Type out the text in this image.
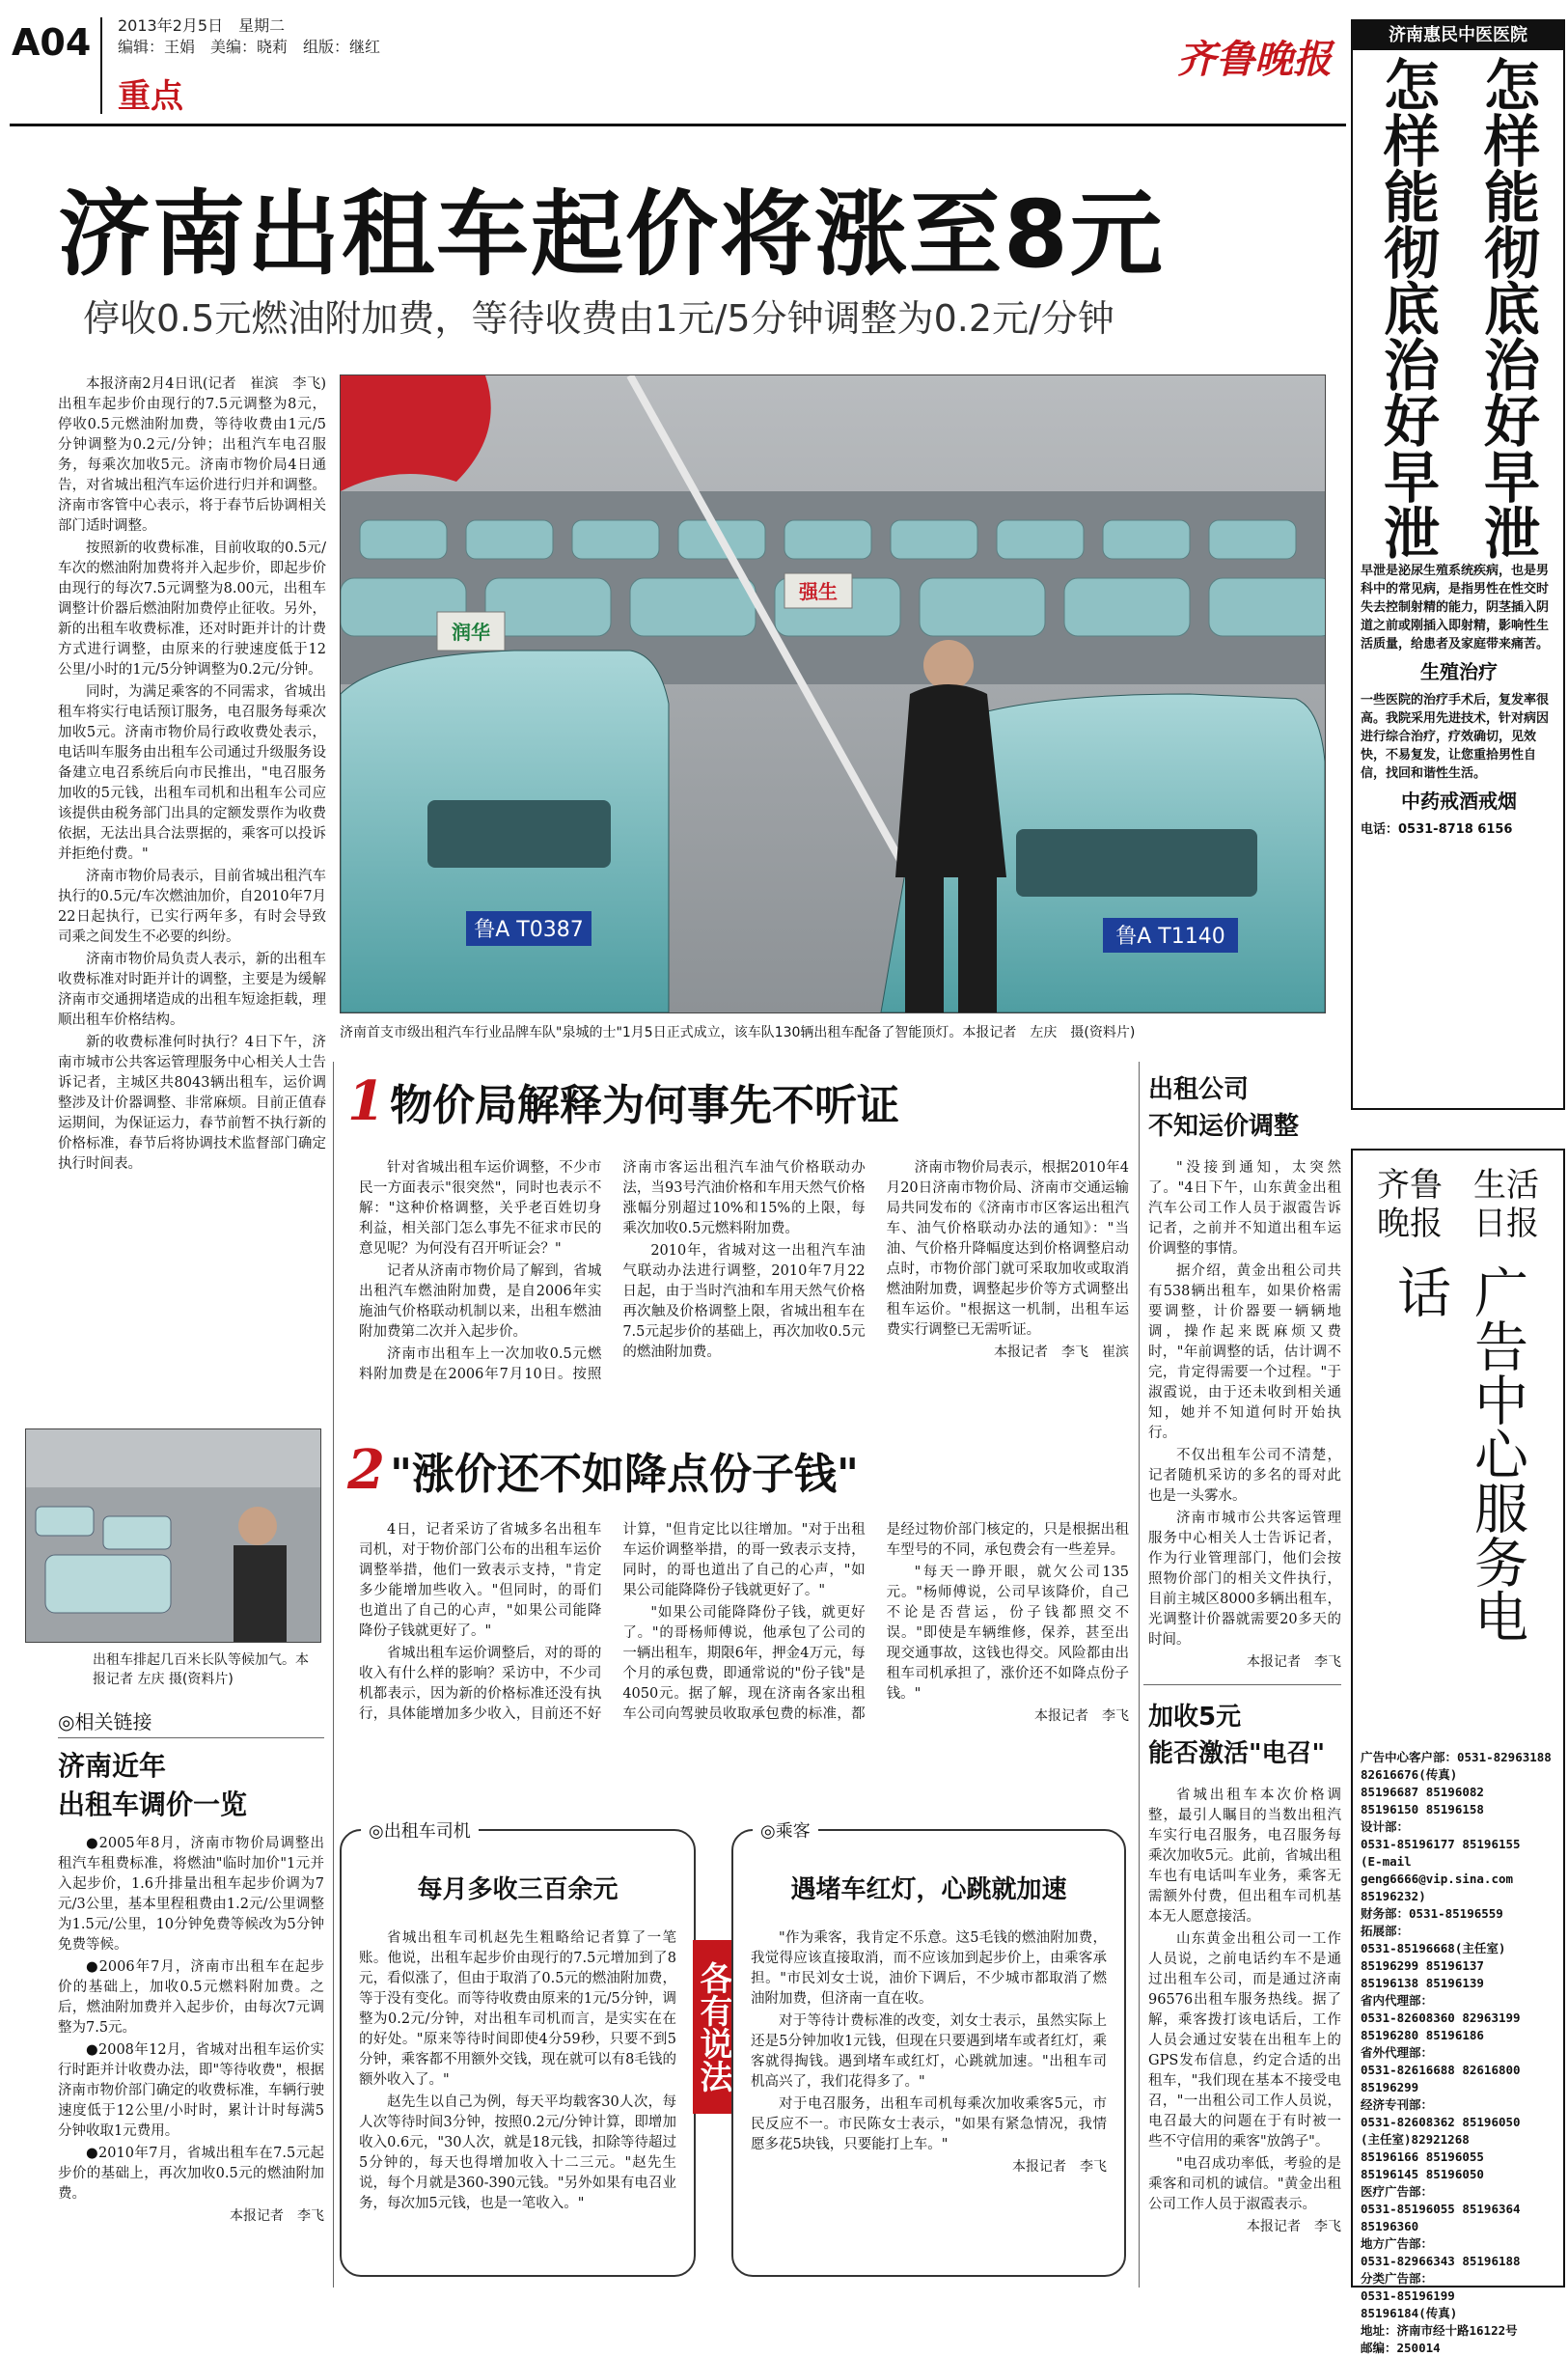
A04	2013年2月5日　星期二
编辑：王娟　美编：晓莉　组版：继红
重点
齐鲁晚报
济南出租车起价将涨至8元
停收0.5元燃油附加费，等待收费由1元/5分钟调整为0.2元/分钟

本报济南2月4日讯(记者　崔滨　李飞)　出租车起步价由现行的7.5元调整为8元，停收0.5元燃油附加费，等待收费由1元/5分钟调整为0.2元/分钟；出租汽车电召服务，每乘次加收5元。济南市物价局4日通告，对省城出租汽车运价进行归并和调整。济南市客管中心表示，将于春节后协调相关部门适时调整。

按照新的收费标准，目前收取的0.5元/车次的燃油附加费将并入起步价，即起步价由现行的每次7.5元调整为8.00元，出租车调整计价器后燃油附加费停止征收。另外，新的出租车收费标准，还对时距并计的计费方式进行调整，由原来的行驶速度低于12公里/小时的1元/5分钟调整为0.2元/分钟。

同时，为满足乘客的不同需求，省城出租车将实行电话预订服务，电召服务每乘次加收5元。济南市物价局行政收费处表示，电话叫车服务由出租车公司通过升级服务设备建立电召系统后向市民推出，"电召服务加收的5元钱，出租车司机和出租车公司应该提供由税务部门出具的定额发票作为收费依据，无法出具合法票据的，乘客可以投诉并拒绝付费。"

济南市物价局表示，目前省城出租汽车执行的0.5元/车次燃油加价，自2010年7月22日起执行，已实行两年多，有时会导致司乘之间发生不必要的纠纷。

济南市物价局负责人表示，新的出租车收费标准对时距并计的调整，主要是为缓解济南市交通拥堵造成的出租车短途拒载，理顺出租车价格结构。

新的收费标准何时执行？4日下午，济南市城市公共客运管理服务中心相关人士告诉记者，主城区共8043辆出租车，运价调整涉及计价器调整、非常麻烦。目前正值春运期间，为保证运力，春节前暂不执行新的价格标准，春节后将协调技术监督部门确定执行时间表。

润华
强生
鲁A T0387	鲁A T1140
济南首支市级出租汽车行业品牌车队"泉城的士"1月5日正式成立，该车队130辆出租车配备了智能顶灯。本报记者　左庆　摄(资料片)
出租车排起几百米长队等候加气。本报记者 左庆 摄(资料片)
◎相关链接
济南近年
出租车调价一览

●2005年8月，济南市物价局调整出租汽车租费标准，将燃油"临时加价"1元并入起步价，1.6升排量出租车起步价调为7元/3公里，基本里程租费由1.2元/公里调整为1.5元/公里，10分钟免费等候改为5分钟免费等候。

●2006年7月，济南市出租车在起步价的基础上，加收0.5元燃料附加费。之后，燃油附加费并入起步价，由每次7元调整为7.5元。

●2008年12月，省城对出租车运价实行时距并计收费办法，即"等待收费"，根据济南市物价部门确定的收费标准，车辆行驶速度低于12公里/小时时，累计计时每满5分钟收取1元费用。

●2010年7月，省城出租车在7.5元起步价的基础上，再次加收0.5元的燃油附加费。

本报记者　李飞
1 物价局解释为何事先不听证

针对省城出租车运价调整，不少市民一方面表示"很突然"，同时也表示不解："这种价格调整，关乎老百姓切身利益，相关部门怎么事先不征求市民的意见呢？为何没有召开听证会？"

记者从济南市物价局了解到，省城出租汽车燃油附加费，是自2006年实施油气价格联动机制以来，出租车燃油附加费第二次并入起步价。

济南市出租车上一次加收0.5元燃料附加费是在2006年7月10日。按照济南市客运出租汽车油气价格联动办法，当93号汽油价格和车用天然气价格涨幅分别超过10%和15%的上限，每乘次加收0.5元燃料附加费。

2010年，省城对这一出租汽车油气联动办法进行调整，2010年7月22日起，由于当时汽油和车用天然气价格再次触及价格调整上限，省城出租车在7.5元起步价的基础上，再次加收0.5元的燃油附加费。

济南市物价局表示，根据2010年4月20日济南市物价局、济南市交通运输局共同发布的《济南市市区客运出租汽车、油气价格联动办法的通知》："当油、气价格升降幅度达到价格调整启动点时，市物价部门就可采取加收或取消燃油附加费，调整起步价等方式调整出租车运价。"根据这一机制，出租车运费实行调整已无需听证。

本报记者　李飞　崔滨
出租公司
不知运价调整

"没接到通知，太突然了。"4日下午，山东黄金出租汽车公司工作人员于淑霞告诉记者，之前并不知道出租车运价调整的事情。

据介绍，黄金出租公司共有538辆出租车，如果价格需要调整，计价器要一辆辆地调，操作起来既麻烦又费时，"年前调整的话，估计调不完，肯定得需要一个过程。"于淑霞说，由于还未收到相关通知，她并不知道何时开始执行。

不仅出租车公司不清楚，记者随机采访的多名的哥对此也是一头雾水。

济南市城市公共客运管理服务中心相关人士告诉记者，作为行业管理部门，他们会按照物价部门的相关文件执行，目前主城区8000多辆出租车，光调整计价器就需要20多天的时间。

本报记者　李飞
2 "涨价还不如降点份子钱"

4日，记者采访了省城多名出租车司机，对于物价部门公布的出租车运价调整举措，他们一致表示支持，"肯定多少能增加些收入。"但同时，的哥们也道出了自己的心声，"如果公司能降降份子钱就更好了。"

省城出租车运价调整后，对的哥的收入有什么样的影响？采访中，不少司机都表示，因为新的价格标准还没有执行，具体能增加多少收入，目前还不好计算，"但肯定比以往增加。"对于出租车运价调整举措，的哥一致表示支持，同时，的哥也道出了自己的心声，"如果公司能降降份子钱就更好了。"

"如果公司能降降份子钱，就更好了。"的哥杨师傅说，他承包了公司的一辆出租车，期限6年，押金4万元，每个月的承包费，即通常说的"份子钱"是4050元。据了解，现在济南各家出租车公司向驾驶员收取承包费的标准，都是经过物价部门核定的，只是根据出租车型号的不同，承包费会有一些差异。

"每天一睁开眼，就欠公司135元。"杨师傅说，公司早该降价，自己不论是否营运，份子钱都照交不误。"即使是车辆维修，保养，甚至出现交通事故，这钱也得交。风险都由出租车司机承担了，涨价还不如降点份子钱。"

本报记者　李飞 加收5元
能否激活"电召"

省城出租车本次价格调整，最引人瞩目的当数出租汽车实行电召服务，电召服务每乘次加收5元。此前，省城出租车也有电话叫车业务，乘客无需额外付费，但出租车司机基本无人愿意接活。

山东黄金出租公司一工作人员说，之前电话约车不是通过出租车公司，而是通过济南96576出租车服务热线。据了解，乘客拨打该电话后，工作人员会通过安装在出租车上的GPS发布信息，约定合适的出租车，"我们现在基本不接受电召，"一出租公司工作人员说，电召最大的问题在于有时被一些不守信用的乘客"放鸽子"。

"电召成功率低，考验的是乘客和司机的诚信。"黄金出租公司工作人员于淑霞表示。

本报记者　李飞
◎出租车司机
每月多收三百余元

省城出租车司机赵先生粗略给记者算了一笔账。他说，出租车起步价由现行的7.5元增加到了8元，看似涨了，但由于取消了0.5元的燃油附加费，等于没有变化。而等待收费由原来的1元/5分钟，调整为0.2元/分钟，对出租车司机而言，是实实在在的好处。"原来等待时间即使4分59秒，只要不到5分钟，乘客都不用额外交钱，现在就可以有8毛钱的额外收入了。"

赵先生以自己为例，每天平均载客30人次，每人次等待时间3分钟，按照0.2元/分钟计算，即增加收入0.6元，"30人次，就是18元钱，扣除等待超过5分钟的，每天也得增加收入十二三元。"赵先生说，每个月就是360-390元钱。"另外如果有电召业务，每次加5元钱，也是一笔收入。"

各有说法
◎乘客
遇堵车红灯，心跳就加速

"作为乘客，我肯定不乐意。这5毛钱的燃油附加费，我觉得应该直接取消，而不应该加到起步价上，由乘客承担。"市民刘女士说，油价下调后，不少城市都取消了燃油附加费，但济南一直在收。

对于等待计费标准的改变，刘女士表示，虽然实际上还是5分钟加收1元钱，但现在只要遇到堵车或者红灯，乘客就得掏钱。遇到堵车或红灯，心跳就加速。"出租车司机高兴了，我们花得多了。"

对于电召服务，出租车司机每乘次加收乘客5元，市民反应不一。市民陈女士表示，"如果有紧急情况，我情愿多花5块钱，只要能打上车。"

本报记者　李飞
济南惠民中医医院
怎样能彻底治好早泄 怎样能彻底治好早泄
早泄是泌尿生殖系统疾病，也是男科中的常见病，是指男性在性交时失去控制射精的能力，阴茎插入阴道之前或刚插入即射精，影响性生活质量，给患者及家庭带来痛苦。
生殖治疗
一些医院的治疗手术后，复发率很高。我院采用先进技术，针对病因进行综合治疗，疗效确切，见效快，不易复发，让您重拾男性自信，找回和谐性生活。
中药戒酒戒烟
电话：0531-8718 6156
齐鲁晚报
生活日报
广告中心服务电话
广告中心客户部：0531-82963188 82616676(传真)
85196687 85196082
85196150 85196158
设计部：
0531-85196177 85196155
(E-mail geng6666@vip.sina.com 85196232)
财务部：0531-85196559
拓展部：
0531-85196668(主任室)
85196299 85196137
85196138 85196139
省内代理部：
0531-82608360 82963199
85196280 85196186
省外代理部：
0531-82616688 82616800
85196299
经济专刊部：
0531-82608362 85196050
(主任室)82921268
85196166 85196055
85196145 85196050
医疗广告部：
0531-85196055 85196364
85196360
地方广告部：
0531-82966343 85196188
分类广告部：
0531-85196199
85196184(传真)
地址：济南市经十路16122号
邮编：250014
